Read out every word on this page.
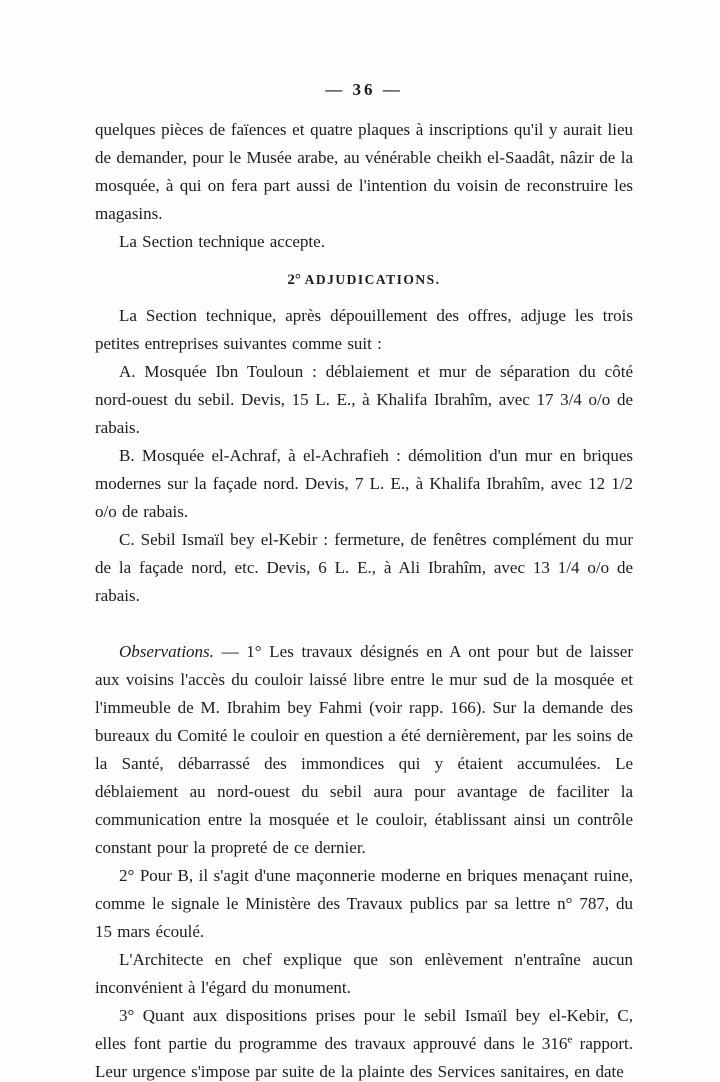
— 36 —

quelques pièces de faïences et quatre plaques à inscriptions qu'il y aurait lieu de demander, pour le Musée arabe, au vénérable cheikh el-Saadât, nâzir de la mosquée, à qui on fera part aussi de l'intention du voisin de reconstruire les magasins.

La Section technique accepte.

2° ADJUDICATIONS.

La Section technique, après dépouillement des offres, adjuge les trois petites entreprises suivantes comme suit :

A. Mosquée Ibn Touloun : déblaiement et mur de séparation du côté nord-ouest du sebil. Devis, 15 L. E., à Khalifa Ibrahîm, avec 17 3/4 o/o de rabais.

B. Mosquée el-Achraf, à el-Achrafieh : démolition d'un mur en briques modernes sur la façade nord. Devis, 7 L. E., à Khalifa Ibrahîm, avec 12 1/2 o/o de rabais.

C. Sebil Ismaïl bey el-Kebir : fermeture, de fenêtres complément du mur de la façade nord, etc. Devis, 6 L. E., à Ali Ibrahîm, avec 13 1/4 o/o de rabais.

Observations. — 1° Les travaux désignés en A ont pour but de laisser aux voisins l'accès du couloir laissé libre entre le mur sud de la mosquée et l'immeuble de M. Ibrahim bey Fahmi (voir rapp. 166). Sur la demande des bureaux du Comité le couloir en question a été dernièrement, par les soins de la Santé, débarrassé des immondices qui y étaient accumulées. Le déblaiement au nord-ouest du sebil aura pour avantage de faciliter la communication entre la mosquée et le couloir, établissant ainsi un contrôle constant pour la propreté de ce dernier.

2° Pour B, il s'agit d'une maçonnerie moderne en briques menaçant ruine, comme le signale le Ministère des Travaux publics par sa lettre n° 787, du 15 mars écoulé.

L'Architecte en chef explique que son enlèvement n'entraîne aucun inconvénient à l'égard du monument.

3° Quant aux dispositions prises pour le sebil Ismaïl bey el-Kebir, C, elles font partie du programme des travaux approuvé dans le 316e rapport. Leur urgence s'impose par suite de la plainte des Services sanitaires, en date
